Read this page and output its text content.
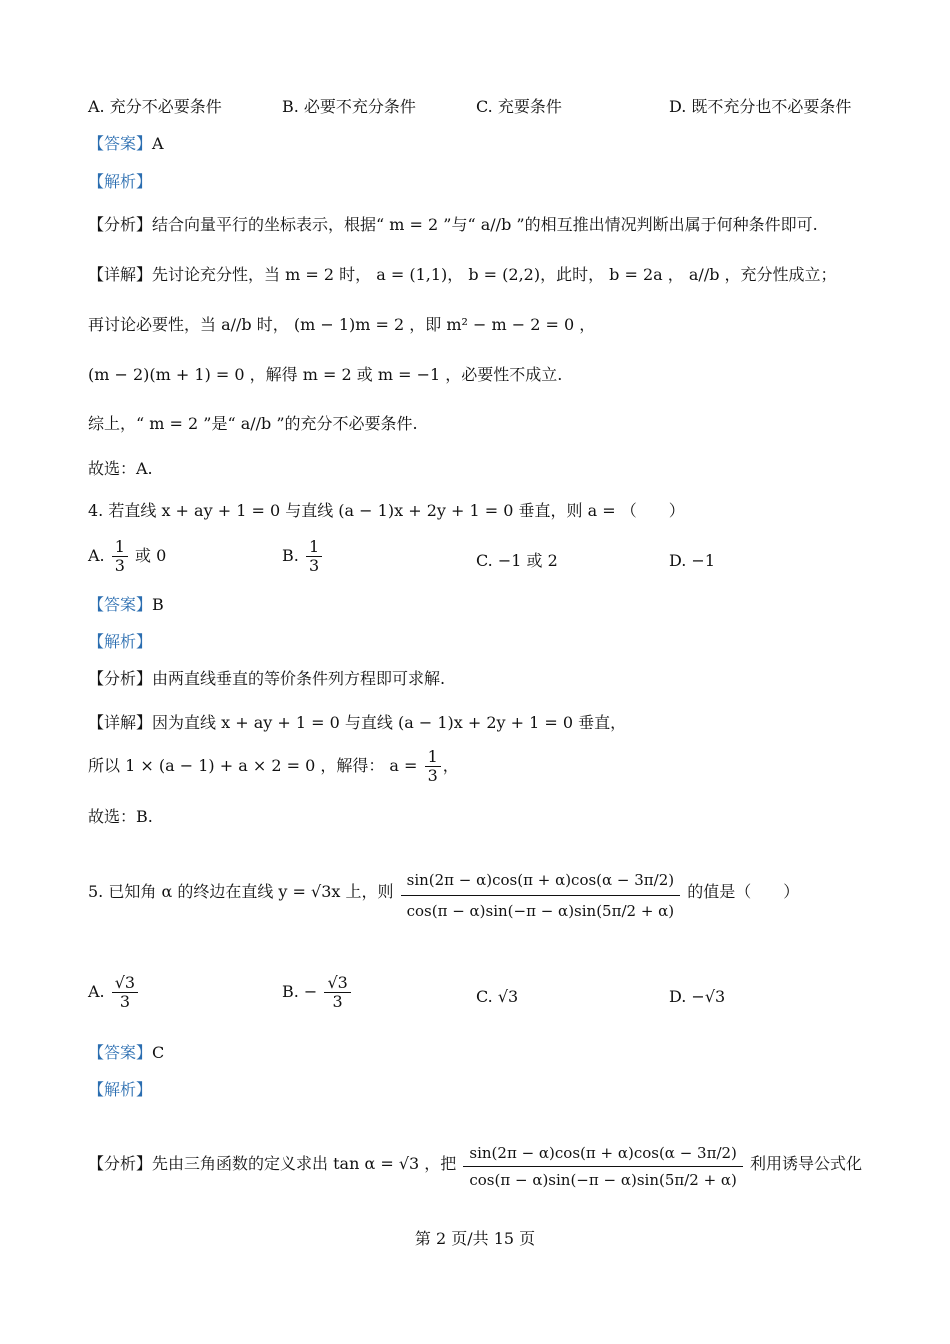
A. 充分不必要条件	B. 必要不充分条件	C. 充要条件	D. 既不充分也不必要条件
【答案】A
【解析】
【分析】结合向量平行的坐标表示，根据“ m = 2 ”与“ a//b ”的相互推出情况判断出属于何种条件即可.
【详解】先讨论充分性，当 m = 2 时， a = (1,1)， b = (2,2)，此时， b = 2a ， a//b ，充分性成立；
再讨论必要性，当 a//b 时， (m − 1)m = 2 ，即 m² − m − 2 = 0 ，
(m − 2)(m + 1) = 0 ，解得 m = 2 或 m = −1 ，必要性不成立.
综上，“ m = 2 ”是“ a//b ”的充分不必要条件.
故选：A.
4. 若直线 x + ay + 1 = 0 与直线 (a − 1)x + 2y + 1 = 0 垂直，则 a = （　　）
A. $\frac{1}{3}$ 或 0	B. $\frac{1}{3}$	C. −1 或 2	D. −1
【答案】B
【解析】
【分析】由两直线垂直的等价条件列方程即可求解.
【详解】因为直线 x + ay + 1 = 0 与直线 (a − 1)x + 2y + 1 = 0 垂直，
所以 1 × (a − 1) + a × 2 = 0 ，解得： $a = \frac{1}{3}$ ，
故选：B.
5. 已知角 α 的终边在直线 y = √3x 上，则 $\frac{\sin(2\pi - \alpha)\cos(\pi + \alpha)\cos(\alpha - 3\pi/2)}{\cos(\pi - \alpha)\sin(-\pi - \alpha)\sin(5\pi/2 + \alpha)}$ 的值是（　　）
A. $\frac{√3}{3}$	B. − $\frac{√3}{3}$	C. √3	D. −√3
【答案】C
【解析】
【分析】先由三角函数的定义求出 tan α = √3 ，把 $\frac{\sin(2\pi - \alpha)\cos(\pi + \alpha)\cos(\alpha - 3\pi/2)}{\cos(\pi - \alpha)\sin(-\pi - \alpha)\sin(5\pi/2 + \alpha)}$ 利用诱导公式化
第 2 页/共 15 页
